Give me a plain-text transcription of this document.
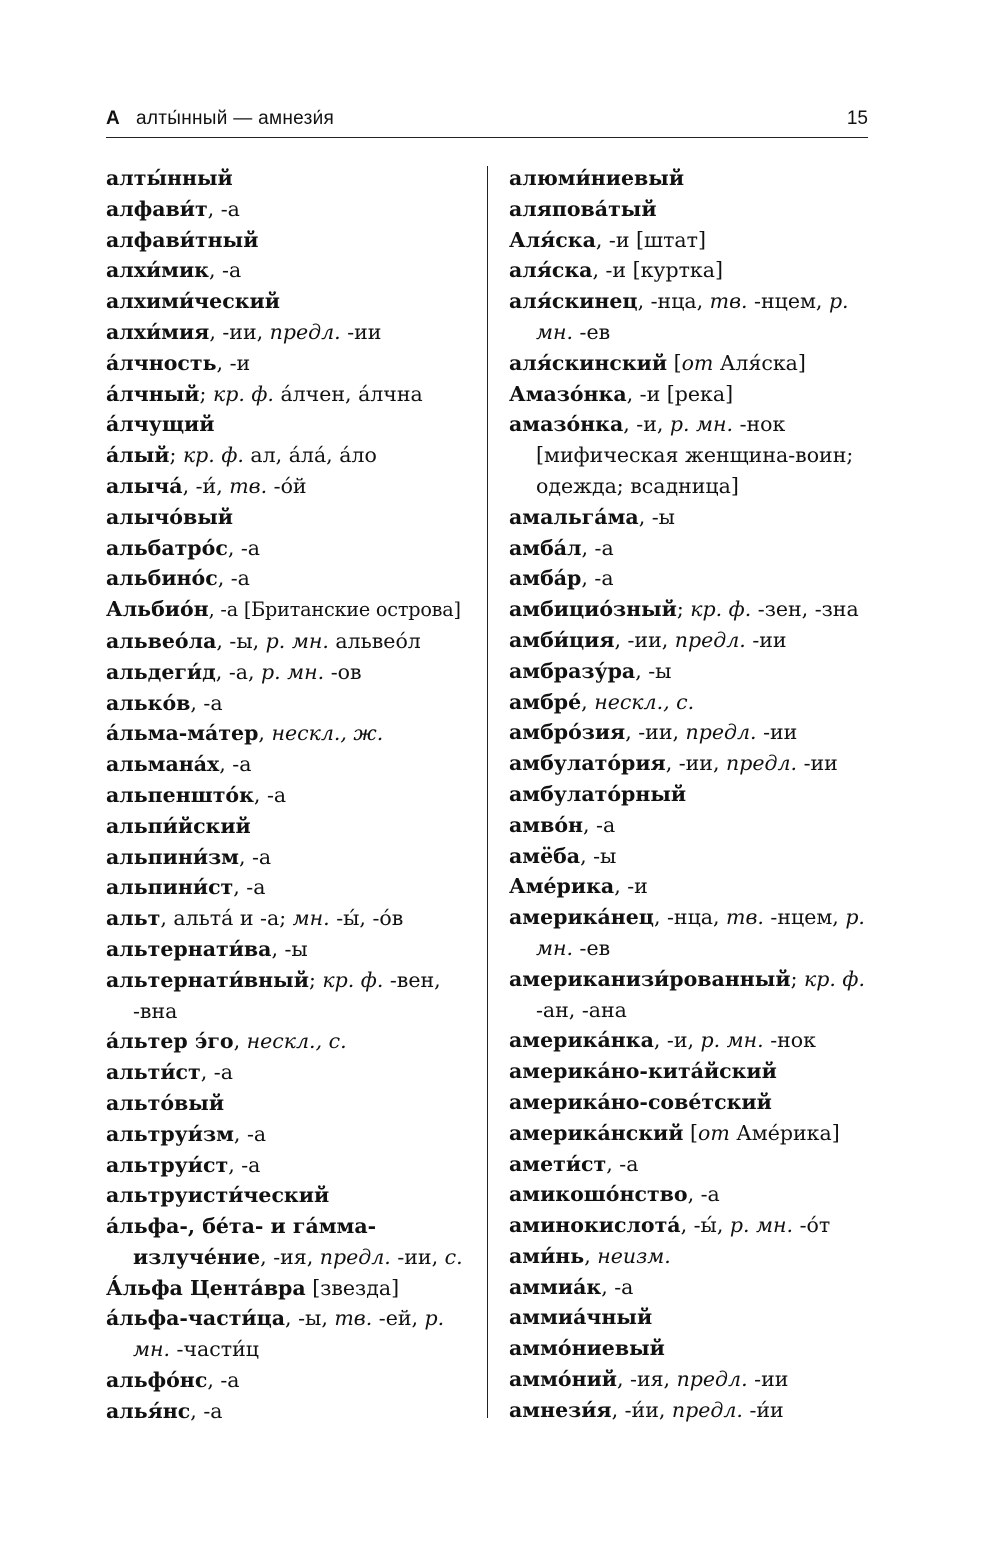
А алты́нный — амнези́я	15

алты́нный

алфави́т, -а

алфави́тный

алхи́мик, -а

алхими́ческий

алхи́мия, -ии, предл. -ии

а́лчность, -и

а́лчный; кр. ф. а́лчен, а́лчна

а́лчущий

а́лый; кр. ф. ал, а́ла́, а́ло

алыча́, -и́, тв. -о́й

алычо́вый

альбатро́с, -а

альбино́с, -а

Альбио́н, -а [Британские острова]

альвео́ла, -ы, р. мн. альвео́л

альдеги́д, -а, р. мн. -ов

алько́в, -а

а́льма-ма́тер, нескл., ж.

альмана́х, -а

альпеншто́к, -а

альпи́йский

альпини́зм, -а

альпини́ст, -а

альт, альта́ и -а; мн. -ы́, -о́в

альтернати́ва, -ы

альтернати́вный; кр. ф. -вен, -вна

а́льтер э́го, нескл., с.

альти́ст, -а

альто́вый

альтруи́зм, -а

альтруи́ст, -а

альтруисти́ческий

а́льфа-, бе́та- и га́мма-излуче́ние, -ия, предл. -ии, с.

А́льфа Цента́вра [звезда]

а́льфа-части́ца, -ы, тв. -ей, р. мн. -части́ц

альфо́нс, -а

алья́нс, -а

алюми́ниевый

аляпова́тый

Аля́ска, -и [штат]

аля́ска, -и [куртка]

аля́скинец, -нца, тв. -нцем, р. мн. -ев

аля́скинский [от Аля́ска]

Амазо́нка, -и [река]

амазо́нка, -и, р. мн. -нок [мифическая женщина-воин; одежда; всадница]

амальга́ма, -ы

амба́л, -а

амба́р, -а

амбицио́зный; кр. ф. -зен, -зна

амби́ция, -ии, предл. -ии

амбразу́ра, -ы

амбре́, нескл., с.

амбро́зия, -ии, предл. -ии

амбулато́рия, -ии, предл. -ии

амбулато́рный

амво́н, -а

амёба, -ы

Аме́рика, -и

америка́нец, -нца, тв. -нцем, р. мн. -ев

американизи́рованный; кр. ф. -ан, -ана

америка́нка, -и, р. мн. -нок

америка́но-кита́йский

америка́но-сове́тский

америка́нский [от Аме́рика]

амети́ст, -а

амикошо́нство, -а

аминокислота́, -ы́, р. мн. -о́т

ами́нь, неизм.

аммиа́к, -а

аммиа́чный

аммо́ниевый

аммо́ний, -ия, предл. -ии

амнези́я, -и́и, предл. -и́и
